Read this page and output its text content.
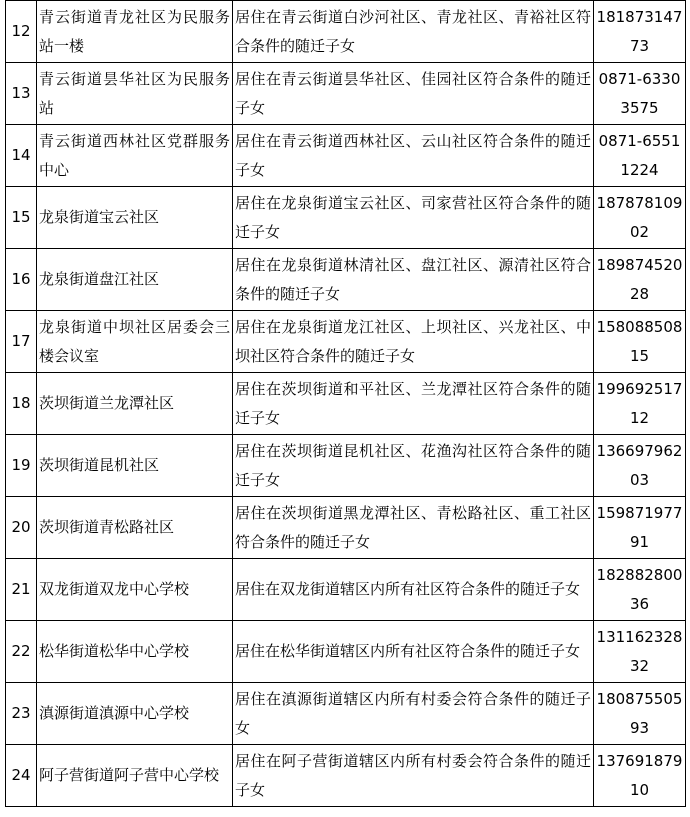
12	青云街道青龙社区为民服务站一楼	居住在青云街道白沙河社区、青龙社区、青裕社区符合条件的随迁子女	18187314773
13	青云街道昙华社区为民服务站	居住在青云街道昙华社区、佳园社区符合条件的随迁子女	0871-63303575
14	青云街道西林社区党群服务中心	居住在青云街道西林社区、云山社区符合条件的随迁子女	0871-65511224
15	龙泉街道宝云社区	居住在龙泉街道宝云社区、司家营社区符合条件的随迁子女	18787810902
16	龙泉街道盘江社区	居住在龙泉街道林清社区、盘江社区、源清社区符合条件的随迁子女	18987452028
17	龙泉街道中坝社区居委会三楼会议室	居住在龙泉街道龙江社区、上坝社区、兴龙社区、中坝社区符合条件的随迁子女	15808850815
18	茨坝街道兰龙潭社区	居住在茨坝街道和平社区、兰龙潭社区符合条件的随迁子女	19969251712
19	茨坝街道昆机社区	居住在茨坝街道昆机社区、花渔沟社区符合条件的随迁子女	13669796203
20	茨坝街道青松路社区	居住在茨坝街道黑龙潭社区、青松路社区、重工社区符合条件的随迁子女	15987197791
21	双龙街道双龙中心学校	居住在双龙街道辖区内所有社区符合条件的随迁子女	18288280036
22	松华街道松华中心学校	居住在松华街道辖区内所有社区符合条件的随迁子女	13116232832
23	滇源街道滇源中心学校	居住在滇源街道辖区内所有村委会符合条件的随迁子女	18087550593
24	阿子营街道阿子营中心学校	居住在阿子营街道辖区内所有村委会符合条件的随迁子女	13769187910
